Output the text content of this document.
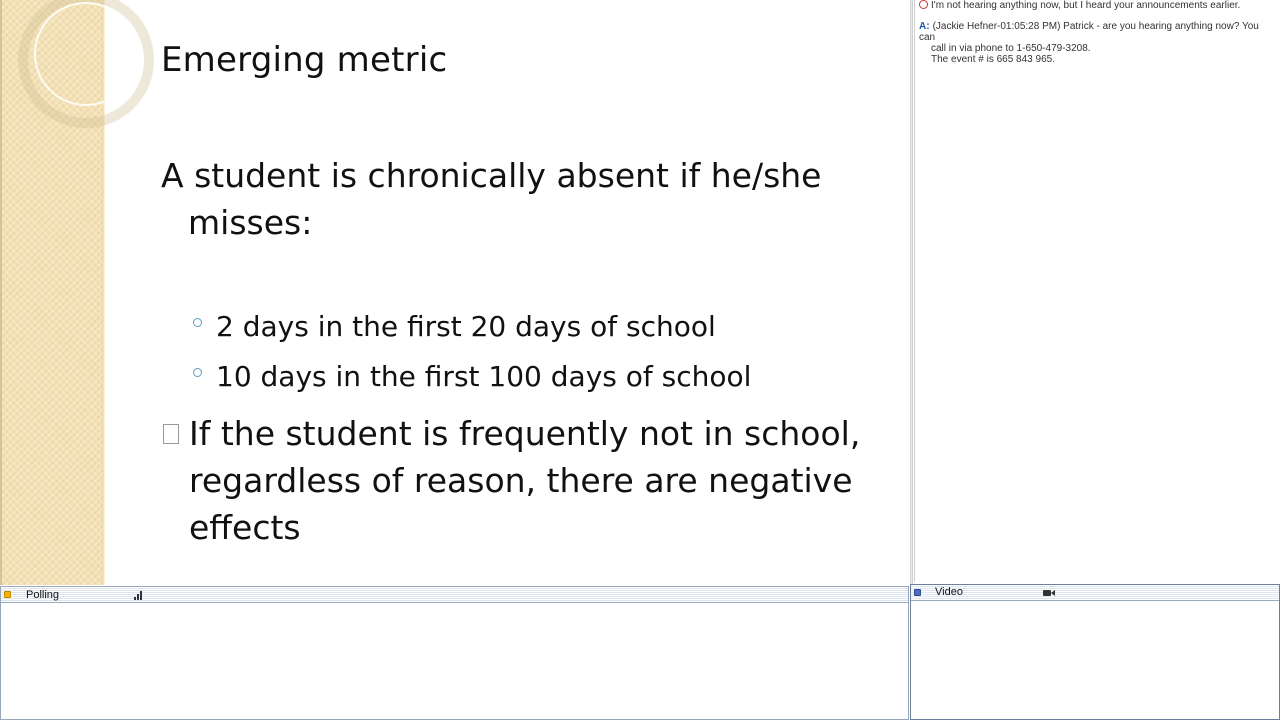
Emerging metric
A student is chronically absent if he/she
misses:
2 days in the first 20 days of school
10 days in the first 100 days of school
If the student is frequently not in school,
regardless of reason, there are negative
effects
I'm not hearing anything now, but I heard your announcements earlier.
A: (Jackie Hefner-01:05:28 PM) Patrick - are you hearing anything now? You can
call in via phone to 1-650-479-3208.
The event # is 665 843 965.
Polling	Video
